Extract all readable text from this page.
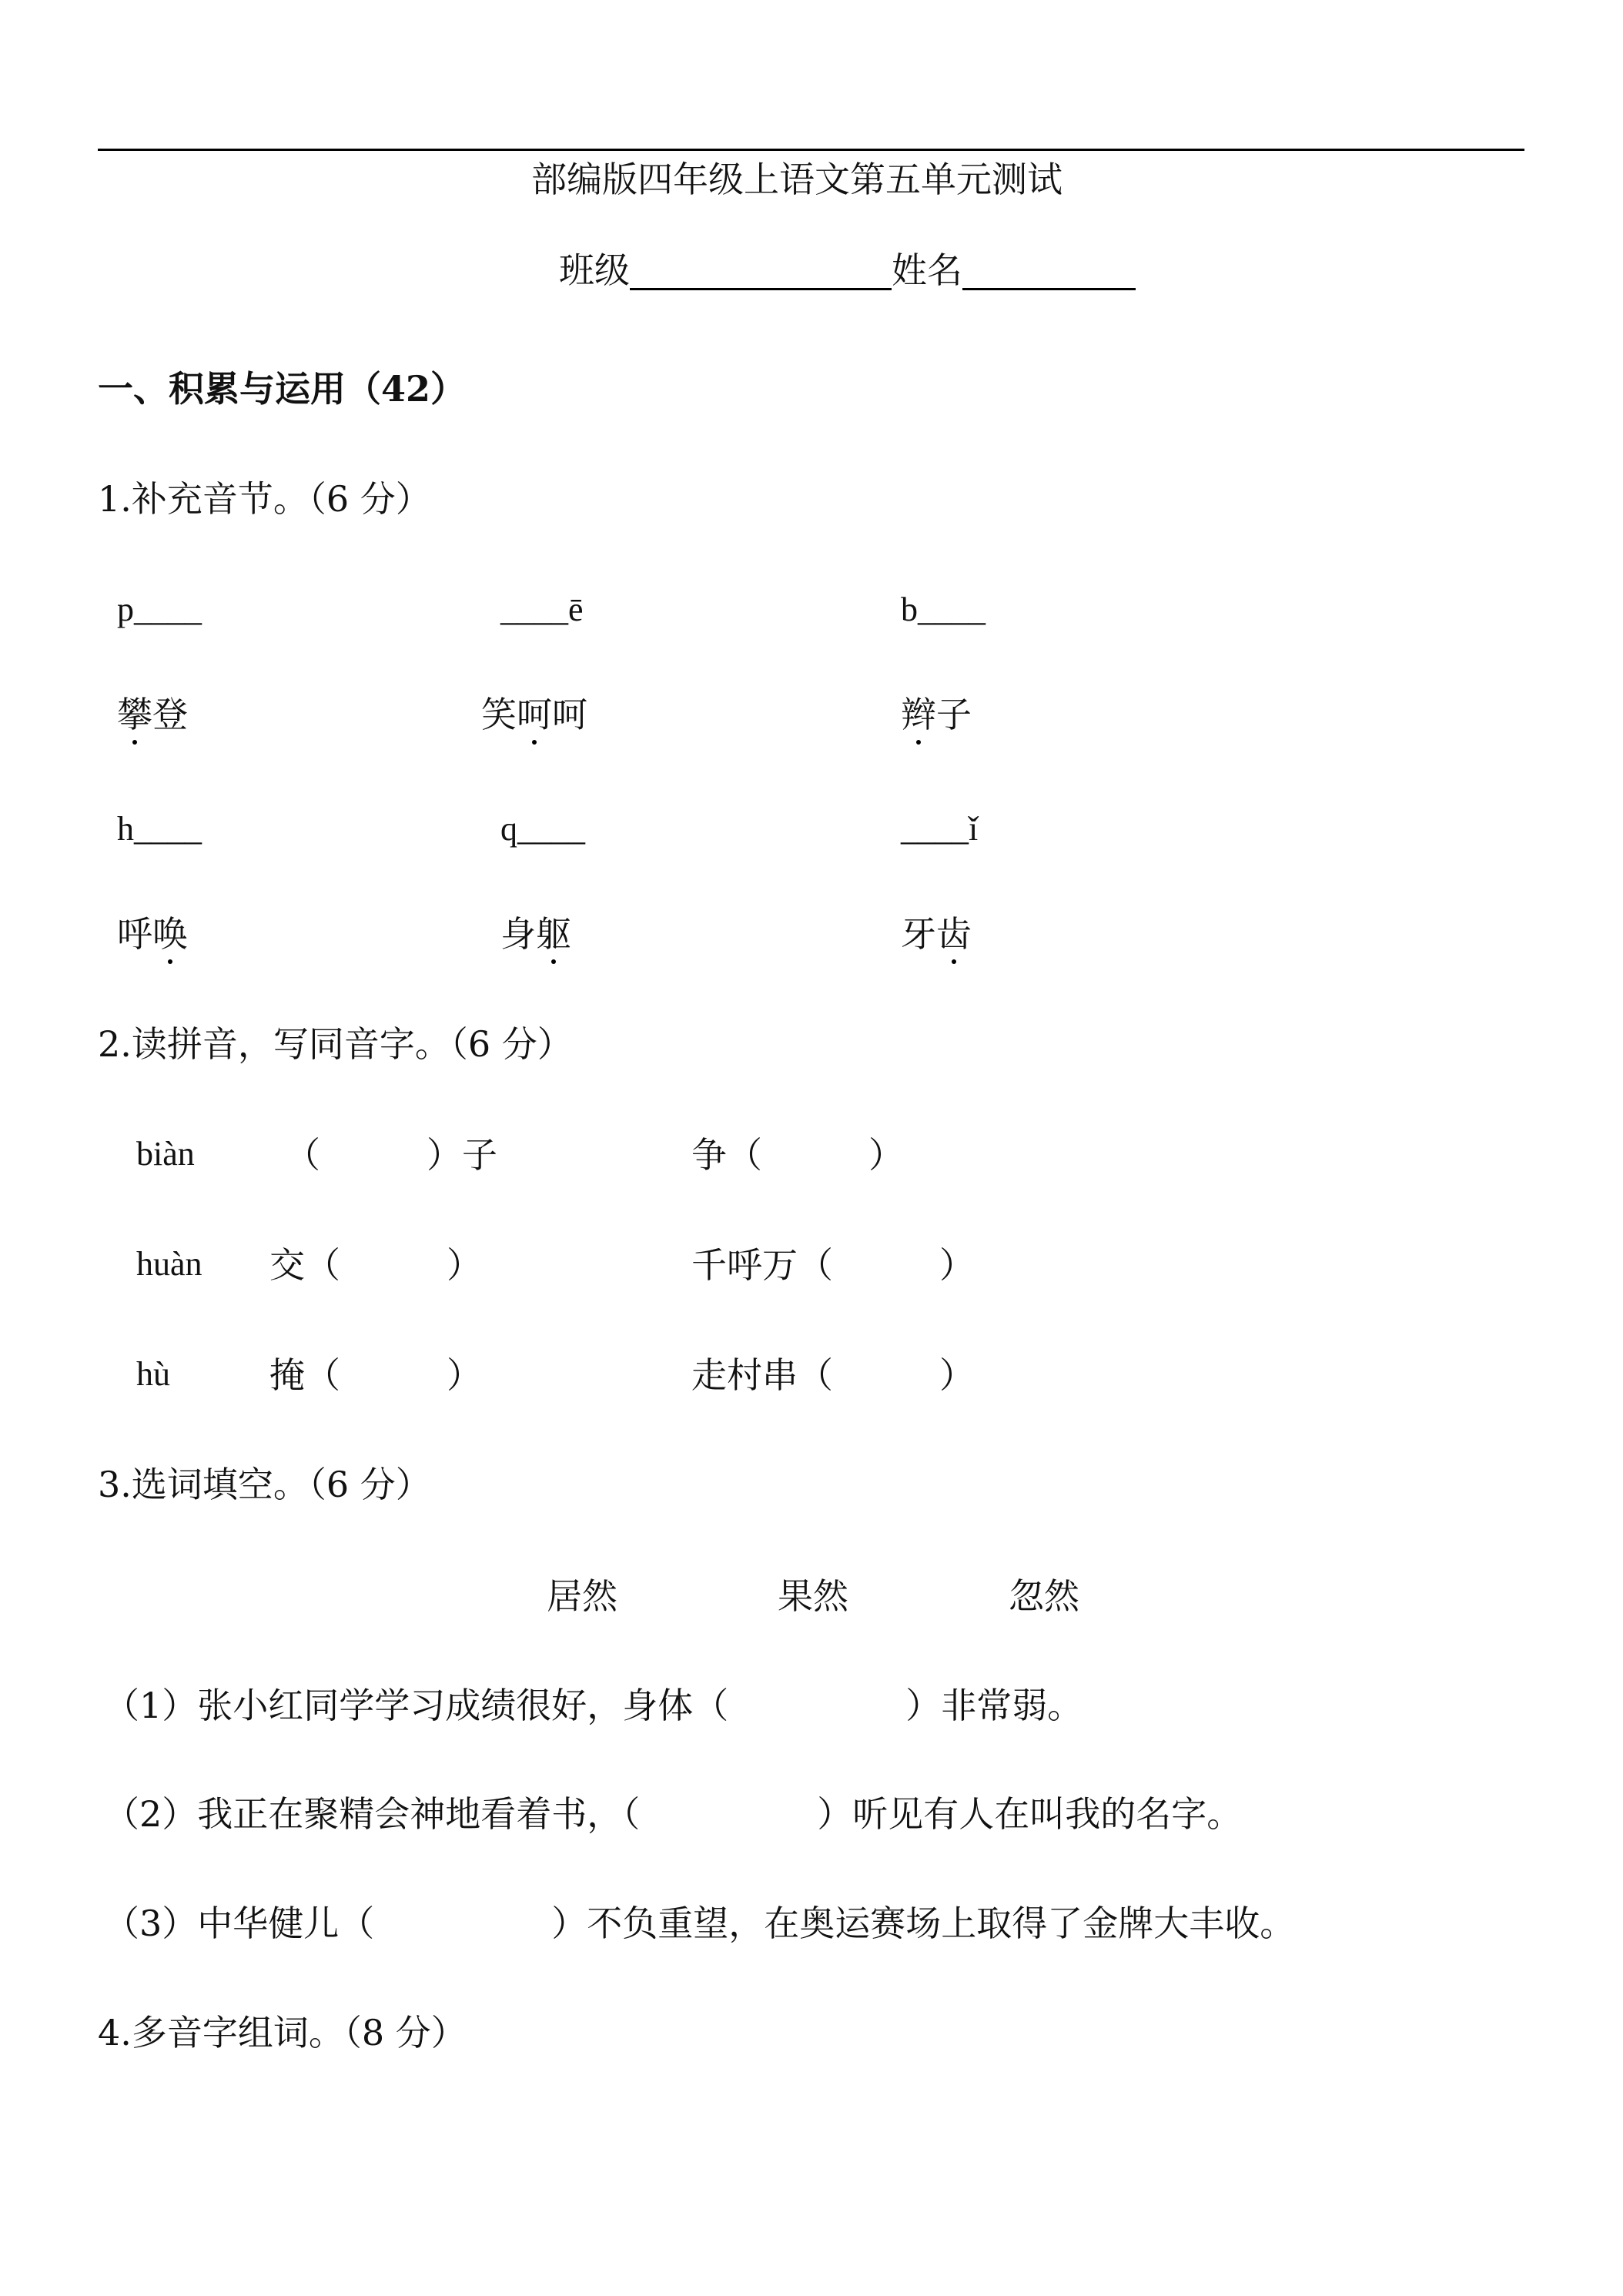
部编版四年级上语文第五单元测试
班级	姓名
一、积累与运用（42）
1.补充音节。（6 分）
p____	____ē	b____
攀登	笑呵呵	辫子
h____	q____	____ǐ
呼唤	身躯	牙齿
2.读拼音，写同音字。（6 分）
biàn	（　　　）子	争（　　　）
huàn 交（　　　）	千呼万（　　　）
hù	掩（　　　）	走村串（　　　）
3.选词填空。（6 分）
居然	果然	忽然
（1）张小红同学学习成绩很好，身体（　　　　　）非常弱。
（2）我正在聚精会神地看着书，（　　　　　）听见有人在叫我的名字。
（3）中华健儿（　　　　　）不负重望，在奥运赛场上取得了金牌大丰收。
4.多音字组词。（8 分）
